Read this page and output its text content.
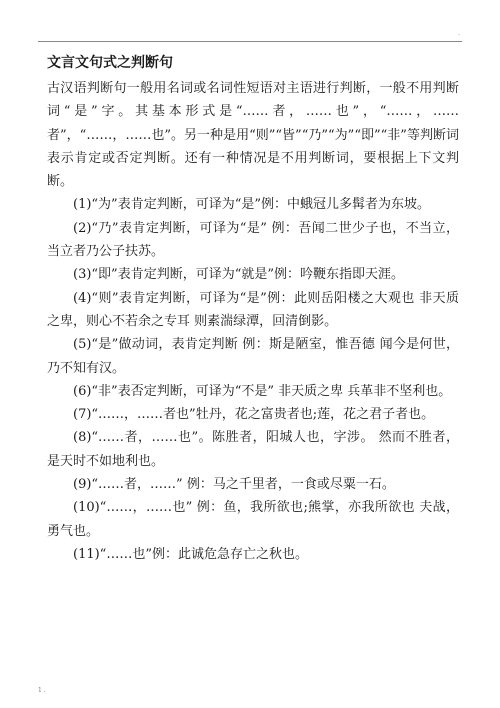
.
文言文句式之判断句

古汉语判断句一般用名词或名词性短语对主语进行判断，一般不用判断词“是”字。其基本形式是“……者，……也”，“……，……者”，“……，……也”。另一种是用“则”“皆”“乃”“为”“即”“非”等判断词表示肯定或否定判断。还有一种情况是不用判断词，要根据上下文判断。

(1)“为”表肯定判断，可译为“是”例：中蛾冠儿多髯者为东坡。

(2)“乃”表肯定判断，可译为“是” 例：吾闻二世少子也，不当立，当立者乃公子扶苏。

(3)“即”表肯定判断，可译为“就是”例：吟鞭东指即天涯。

(4)“则”表肯定判断，可译为“是”例：此则岳阳楼之大观也 非天质之卑，则心不若余之专耳 则素湍绿潭，回清倒影。

(5)“是”做动词，表肯定判断 例：斯是陋室，惟吾德 闻今是何世，乃不知有汉。

(6)“非”表否定判断，可译为“不是” 非天质之卑 兵革非不坚利也。

(7)“……，……者也”牡丹，花之富贵者也;莲，花之君子者也。

(8)“……者，……也”。陈胜者，阳城人也，字涉。 然而不胜者，是天时不如地利也。

(9)“……者，……” 例：马之千里者，一食或尽粟一石。

(10)“……，……也” 例：鱼，我所欲也;熊掌，亦我所欲也 夫战，勇气也。

(11)“……也”例：此诚危急存亡之秋也。

1 .
